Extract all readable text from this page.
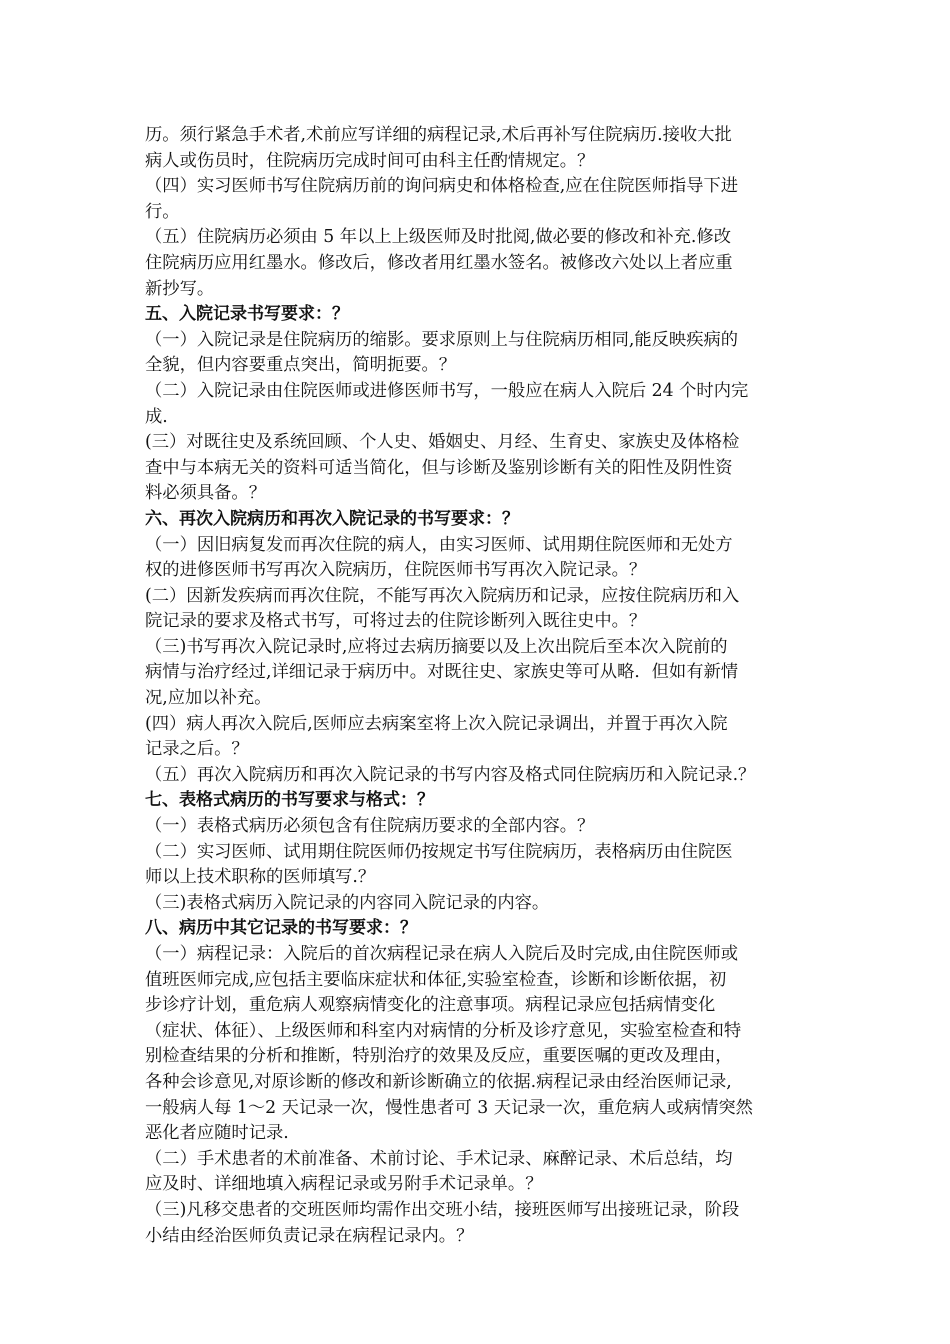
历。须行紧急手术者,术前应写详细的病程记录,术后再补写住院病历.接收大批
病人或伤员时，住院病历完成时间可由科主任酌情规定。？
（四）实习医师书写住院病历前的询问病史和体格检查,应在住院医师指导下进
行。
（五）住院病历必须由 5 年以上上级医师及时批阅,做必要的修改和补充.修改
住院病历应用红墨水。修改后，修改者用红墨水签名。被修改六处以上者应重
新抄写。
五、入院记录书写要求：？
（一）入院记录是住院病历的缩影。要求原则上与住院病历相同,能反映疾病的
全貌，但内容要重点突出，简明扼要。？
（二）入院记录由住院医师或进修医师书写，一般应在病人入院后 24 个时内完
成.
(三）对既往史及系统回顾、个人史、婚姻史、月经、生育史、家族史及体格检
查中与本病无关的资料可适当简化，但与诊断及鉴别诊断有关的阳性及阴性资
料必须具备。？
六、再次入院病历和再次入院记录的书写要求：？
（一）因旧病复发而再次住院的病人，由实习医师、试用期住院医师和无处方
权的进修医师书写再次入院病历，住院医师书写再次入院记录。？
(二）因新发疾病而再次住院，不能写再次入院病历和记录，应按住院病历和入
院记录的要求及格式书写，可将过去的住院诊断列入既往史中。？
（三)书写再次入院记录时,应将过去病历摘要以及上次出院后至本次入院前的
病情与治疗经过,详细记录于病历中。对既往史、家族史等可从略．但如有新情
况,应加以补充。
(四）病人再次入院后,医师应去病案室将上次入院记录调出，并置于再次入院
记录之后。？
（五）再次入院病历和再次入院记录的书写内容及格式同住院病历和入院记录.？
七、表格式病历的书写要求与格式：？
（一）表格式病历必须包含有住院病历要求的全部内容。？
（二）实习医师、试用期住院医师仍按规定书写住院病历，表格病历由住院医
师以上技术职称的医师填写.？
（三)表格式病历入院记录的内容同入院记录的内容。
八、病历中其它记录的书写要求：？
（一）病程记录：入院后的首次病程记录在病人入院后及时完成,由住院医师或
值班医师完成,应包括主要临床症状和体征,实验室检查，诊断和诊断依据，初
步诊疗计划，重危病人观察病情变化的注意事项。病程记录应包括病情变化
（症状、体征）、上级医师和科室内对病情的分析及诊疗意见，实验室检查和特
别检查结果的分析和推断，特别治疗的效果及反应，重要医嘱的更改及理由，
各种会诊意见,对原诊断的修改和新诊断确立的依据.病程记录由经治医师记录,
一般病人每 1～2 天记录一次，慢性患者可 3 天记录一次，重危病人或病情突然
恶化者应随时记录.
（二）手术患者的术前准备、术前讨论、手术记录、麻醉记录、术后总结，均
应及时、详细地填入病程记录或另附手术记录单。？
（三)凡移交患者的交班医师均需作出交班小结，接班医师写出接班记录，阶段
小结由经治医师负责记录在病程记录内。？
